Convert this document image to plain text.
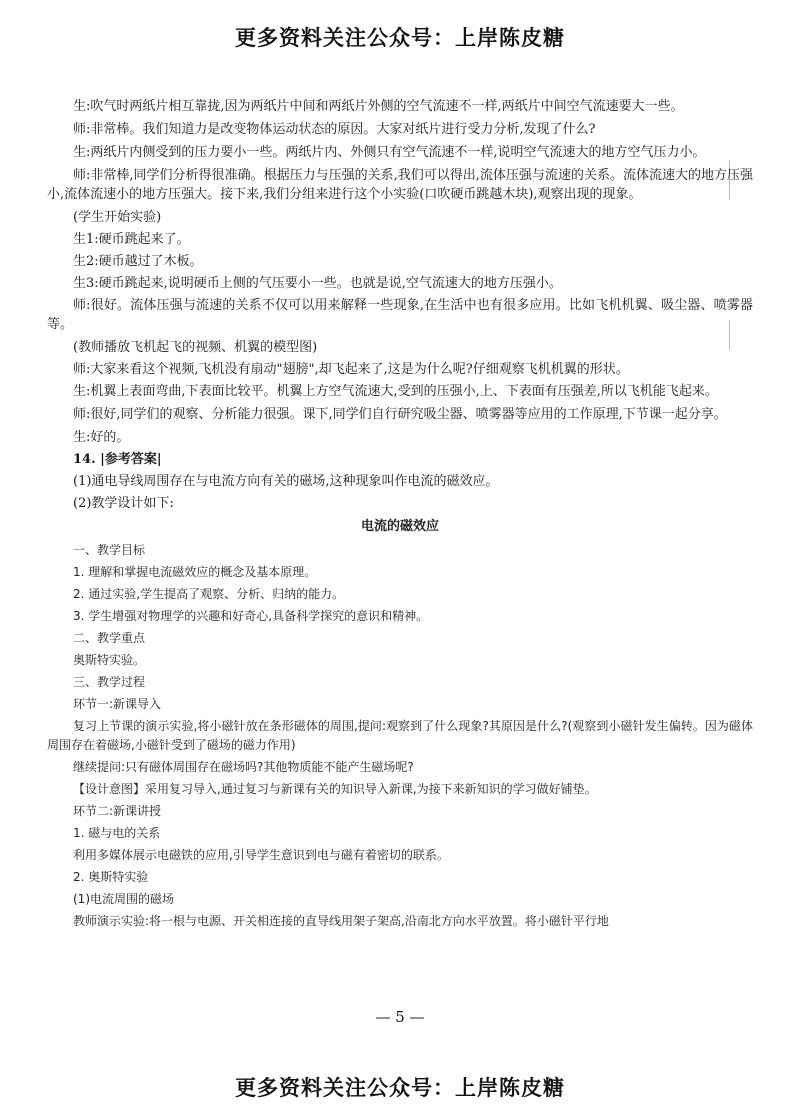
更多资料关注公众号：上岸陈皮糖

生:吹气时两纸片相互靠拢,因为两纸片中间和两纸片外侧的空气流速不一样,两纸片中间空气流速要大一些。

师:非常棒。我们知道力是改变物体运动状态的原因。大家对纸片进行受力分析,发现了什么?

生:两纸片内侧受到的压力要小一些。两纸片内、外侧只有空气流速不一样,说明空气流速大的地方空气压力小。

师:非常棒,同学们分析得很准确。根据压力与压强的关系,我们可以得出,流体压强与流速的关系。流体流速大的地方压强小,流体流速小的地方压强大。接下来,我们分组来进行这个小实验(口吹硬币跳越木块),观察出现的现象。

(学生开始实验)

生1:硬币跳起来了。

生2:硬币越过了木板。

生3:硬币跳起来,说明硬币上侧的气压要小一些。也就是说,空气流速大的地方压强小。

师:很好。流体压强与流速的关系不仅可以用来解释一些现象,在生活中也有很多应用。比如飞机机翼、吸尘器、喷雾器等。

(教师播放飞机起飞的视频、机翼的模型图)

师:大家来看这个视频,飞机没有扇动"翅膀",却飞起来了,这是为什么呢?仔细观察飞机机翼的形状。

生:机翼上表面弯曲,下表面比较平。机翼上方空气流速大,受到的压强小,上、下表面有压强差,所以飞机能飞起来。

师:很好,同学们的观察、分析能力很强。课下,同学们自行研究吸尘器、喷雾器等应用的工作原理,下节课一起分享。

生:好的。

14. |参考答案|

(1)通电导线周围存在与电流方向有关的磁场,这种现象叫作电流的磁效应。

(2)教学设计如下:

电流的磁效应

一、教学目标

1. 理解和掌握电流磁效应的概念及基本原理。

2. 通过实验,学生提高了观察、分析、归纳的能力。

3. 学生增强对物理学的兴趣和好奇心,具备科学探究的意识和精神。

二、教学重点

奥斯特实验。

三、教学过程

环节一:新课导入

复习上节课的演示实验,将小磁针放在条形磁体的周围,提问:观察到了什么现象?其原因是什么?(观察到小磁针发生偏转。因为磁体周围存在着磁场,小磁针受到了磁场的磁力作用)

继续提问:只有磁体周围存在磁场吗?其他物质能不能产生磁场呢?

【设计意图】采用复习导入,通过复习与新课有关的知识导入新课,为接下来新知识的学习做好铺垫。

环节二:新课讲授

1. 磁与电的关系

利用多媒体展示电磁铁的应用,引导学生意识到电与磁有着密切的联系。

2. 奥斯特实验

(1)电流周围的磁场

教师演示实验:将一根与电源、开关相连接的直导线用架子架高,沿南北方向水平放置。将小磁针平行地

— 5 —
更多资料关注公众号：上岸陈皮糖
